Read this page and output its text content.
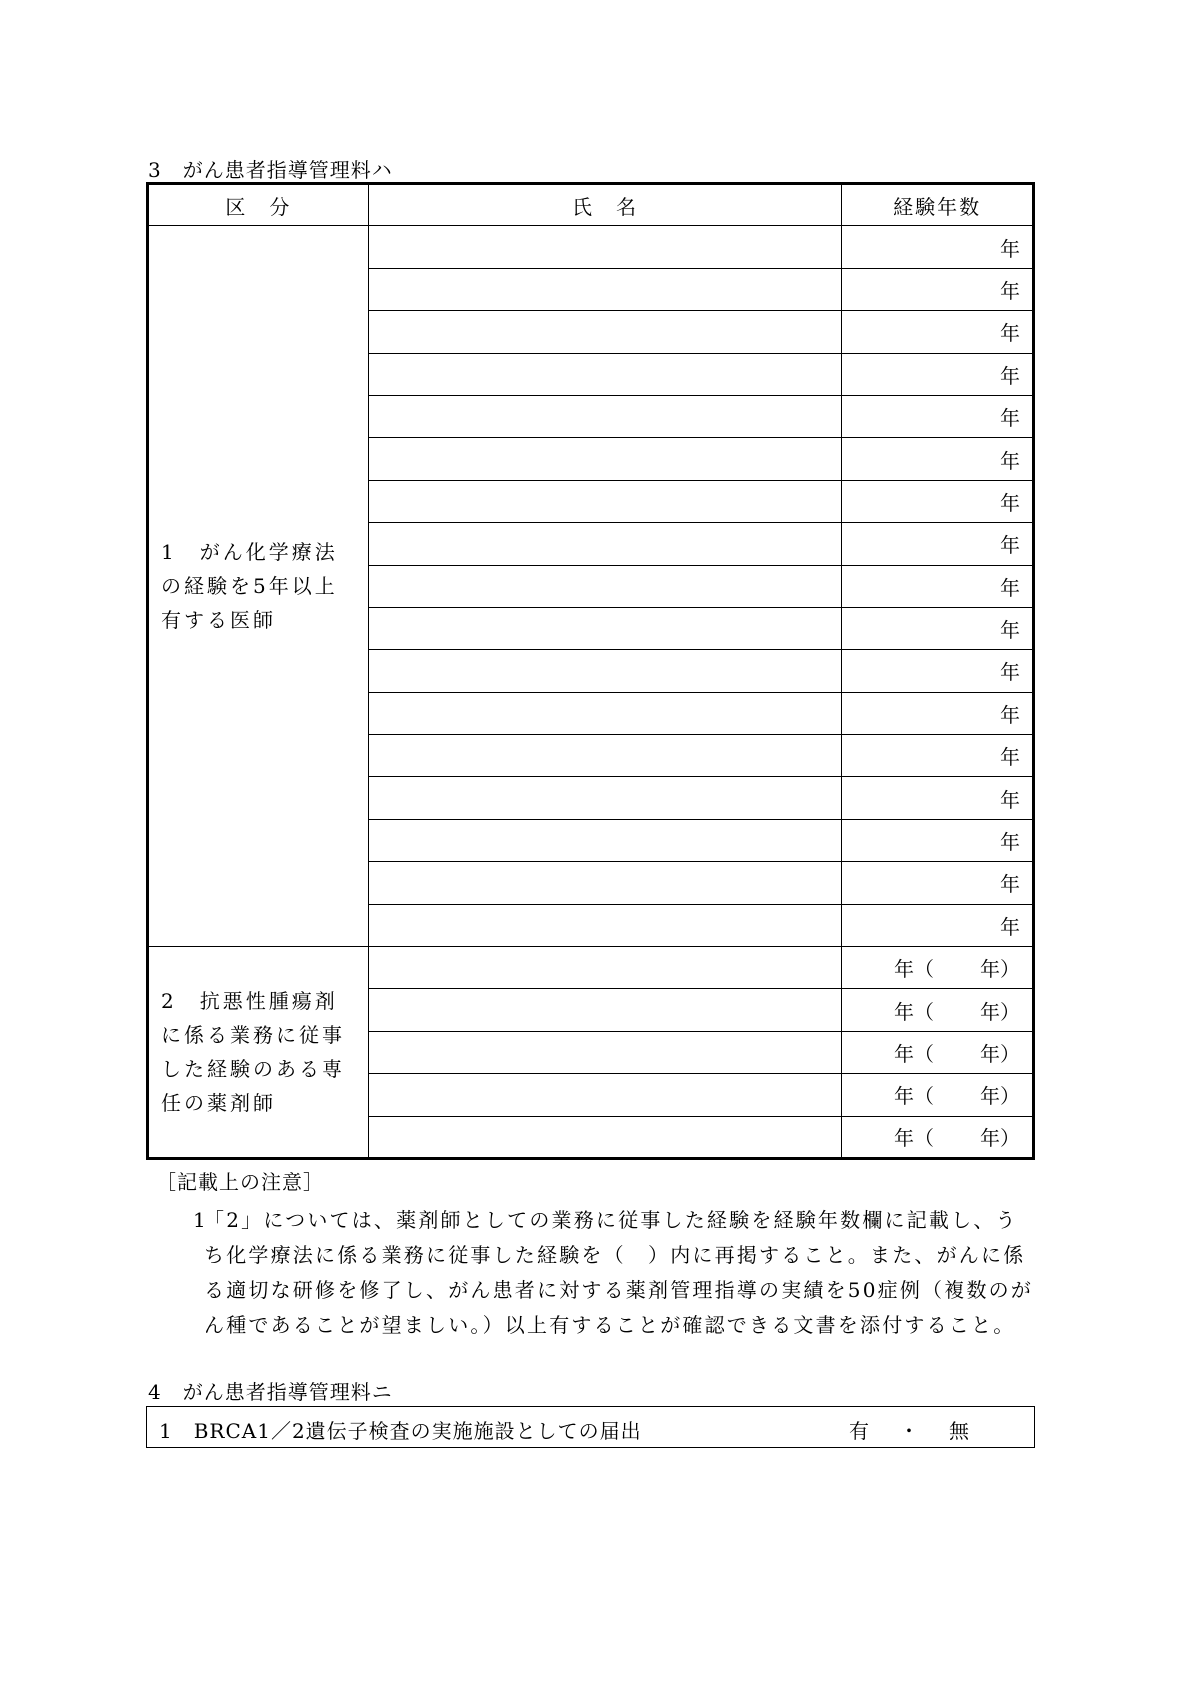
3　がん患者指導管理料ハ
区　分	氏　名	経験年数
1　がん化学療法の経験を5年以上有する医師		年
		年
		年
		年
		年
		年
		年
		年
		年
		年
		年
		年
		年
		年
		年
		年
		年
2　抗悪性腫瘍剤に係る業務に従事した経験のある専任の薬剤師		年（ 年）
		年（ 年）
		年（ 年）
		年（ 年）
		年（ 年）
［記載上の注意］
1
「2」については、薬剤師としての業務に従事した経験を経験年数欄に記載し、うち化学療法に係る業務に従事した経験を（　）内に再掲すること。また、がんに係る適切な研修を修了し、がん患者に対する薬剤管理指導の実績を50症例（複数のがん種であることが望ましい。）以上有することが確認できる文書を添付すること。
4　がん患者指導管理料ニ
1　BRCA1／2遺伝子検査の実施施設としての届出	有 ・ 無
